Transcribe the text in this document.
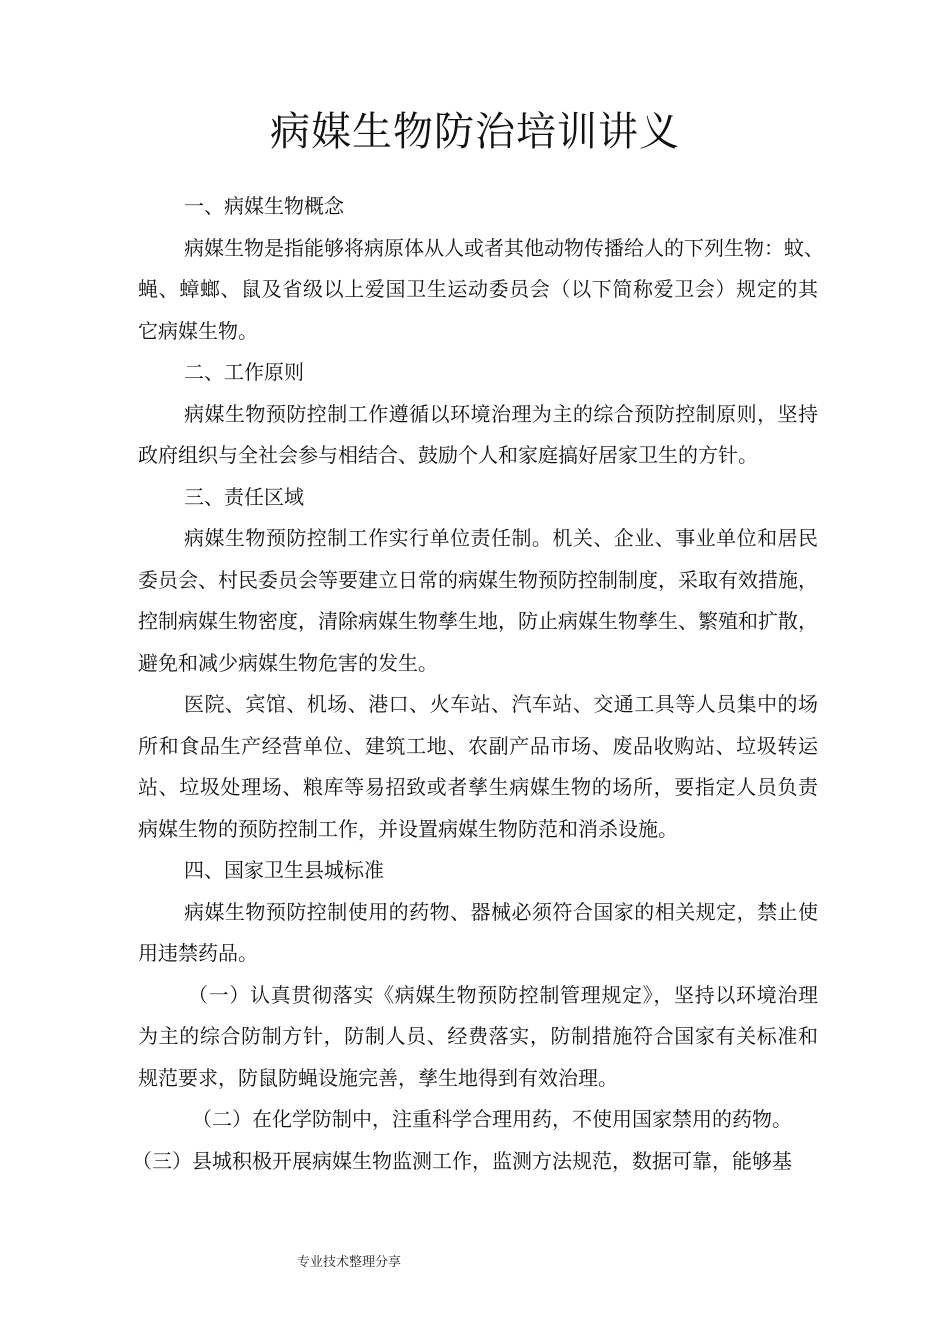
病媒生物防治培训讲义

一、病媒生物概念

病媒生物是指能够将病原体从人或者其他动物传播给人的下列生物：蚊、

蝇、蟑螂、鼠及省级以上爱国卫生运动委员会（以下简称爱卫会）规定的其

它病媒生物。

二、工作原则

病媒生物预防控制工作遵循以环境治理为主的综合预防控制原则，坚持

政府组织与全社会参与相结合、鼓励个人和家庭搞好居家卫生的方针。

三、责任区域

病媒生物预防控制工作实行单位责任制。机关、企业、事业单位和居民

委员会、村民委员会等要建立日常的病媒生物预防控制制度，采取有效措施，

控制病媒生物密度，清除病媒生物孳生地，防止病媒生物孳生、繁殖和扩散，

避免和减少病媒生物危害的发生。

医院、宾馆、机场、港口、火车站、汽车站、交通工具等人员集中的场

所和食品生产经营单位、建筑工地、农副产品市场、废品收购站、垃圾转运

站、垃圾处理场、粮库等易招致或者孳生病媒生物的场所，要指定人员负责

病媒生物的预防控制工作，并设置病媒生物防范和消杀设施。

四、国家卫生县城标准

病媒生物预防控制使用的药物、器械必须符合国家的相关规定，禁止使

用违禁药品。

（一）认真贯彻落实《病媒生物预防控制管理规定》，坚持以环境治理

为主的综合防制方针，防制人员、经费落实，防制措施符合国家有关标准和

规范要求，防鼠防蝇设施完善，孳生地得到有效治理。

（二）在化学防制中，注重科学合理用药，不使用国家禁用的药物。

（三）县城积极开展病媒生物监测工作，监测方法规范，数据可靠，能够基

专业技术整理分享
